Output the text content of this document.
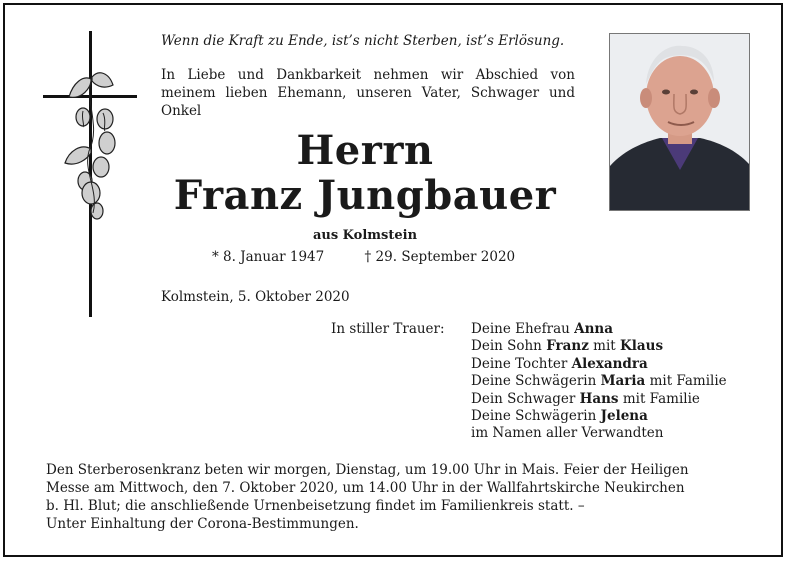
Wenn die Kraft zu Ende, ist’s nicht Sterben, ist’s Erlösung.
In Liebe und Dankbarkeit nehmen wir Abschied von meinem lieben Ehemann, unseren Vater, Schwager und Onkel
Herrn
Franz Jungbauer
aus Kolmstein
* 8. Januar 1947	† 29. September 2020
Kolmstein, 5. Oktober 2020
In stiller Trauer: Deine Ehefrau Anna
Dein Sohn Franz mit Klaus
Deine Tochter Alexandra
Deine Schwägerin Maria mit Familie
Dein Schwager Hans mit Familie
Deine Schwägerin Jelena
im Namen aller Verwandten
Den Sterberosenkranz beten wir morgen, Dienstag, um 19.00 Uhr in Mais. Feier der Heiligen
Messe am Mittwoch, den 7. Oktober 2020, um 14.00 Uhr in der Wallfahrtskirche Neukirchen
b. Hl. Blut; die anschließende Urnenbeisetzung findet im Familienkreis statt. –
Unter Einhaltung der Corona-Bestimmungen.
